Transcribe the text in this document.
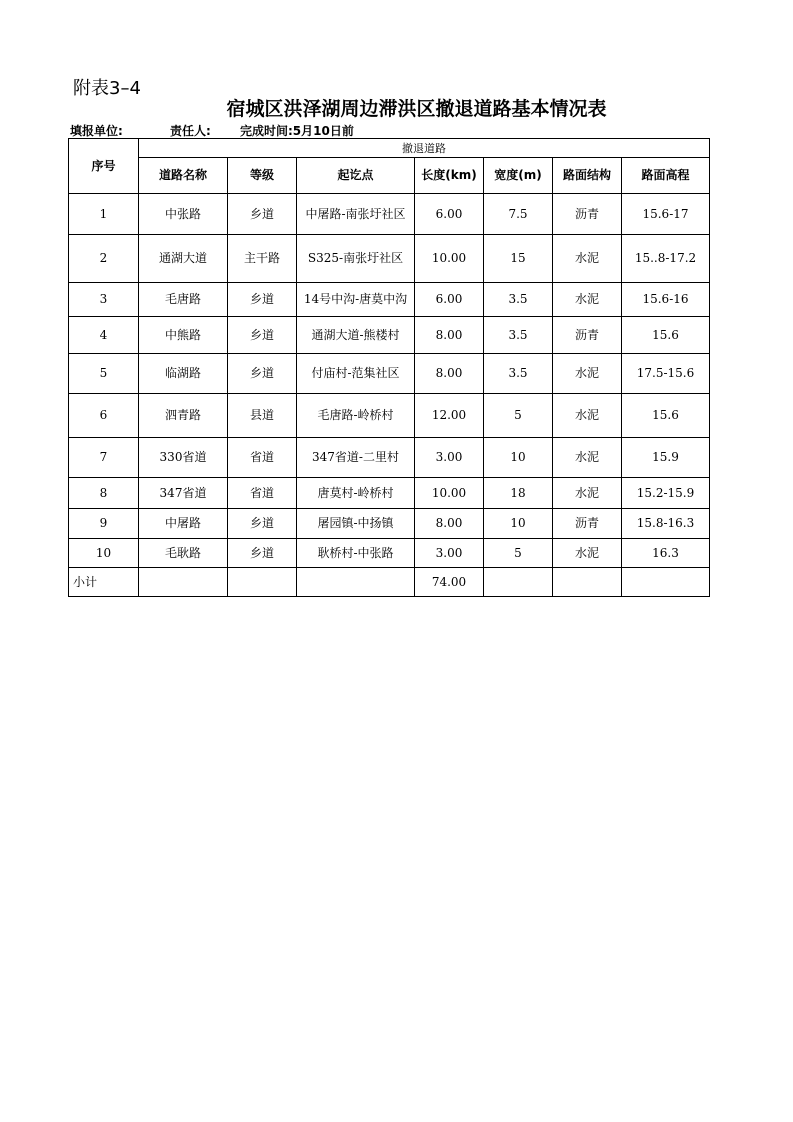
附表3–4
宿城区洪泽湖周边滞洪区撤退道路基本情况表
填报单位:	责任人: 完成时间:5月10日前
序号	撤退道路						
	道路名称	等级	起讫点	长度(km)	宽度(m)	路面结构	路面高程
1	中张路	乡道	中屠路-南张圩社区	6.00	7.5	沥青	15.6-17
2	通湖大道	主干路	S325-南张圩社区	10.00	15	水泥	15..8-17.2
3	毛唐路	乡道	14号中沟-唐莫中沟	6.00	3.5	水泥	15.6-16
4	中熊路	乡道	通湖大道-熊楼村	8.00	3.5	沥青	15.6
5	临湖路	乡道	付庙村-范集社区	8.00	3.5	水泥	17.5-15.6
6	泗青路	县道	毛唐路-岭桥村	12.00	5	水泥	15.6
7	330省道	省道	347省道-二里村	3.00	10	水泥	15.9
8	347省道	省道	唐莫村-岭桥村	10.00	18	水泥	15.2-15.9
9	中屠路	乡道	屠园镇-中扬镇	8.00	10	沥青	15.8-16.3
10	毛耿路	乡道	耿桥村-中张路	3.00	5	水泥	16.3
小计				74.00			
